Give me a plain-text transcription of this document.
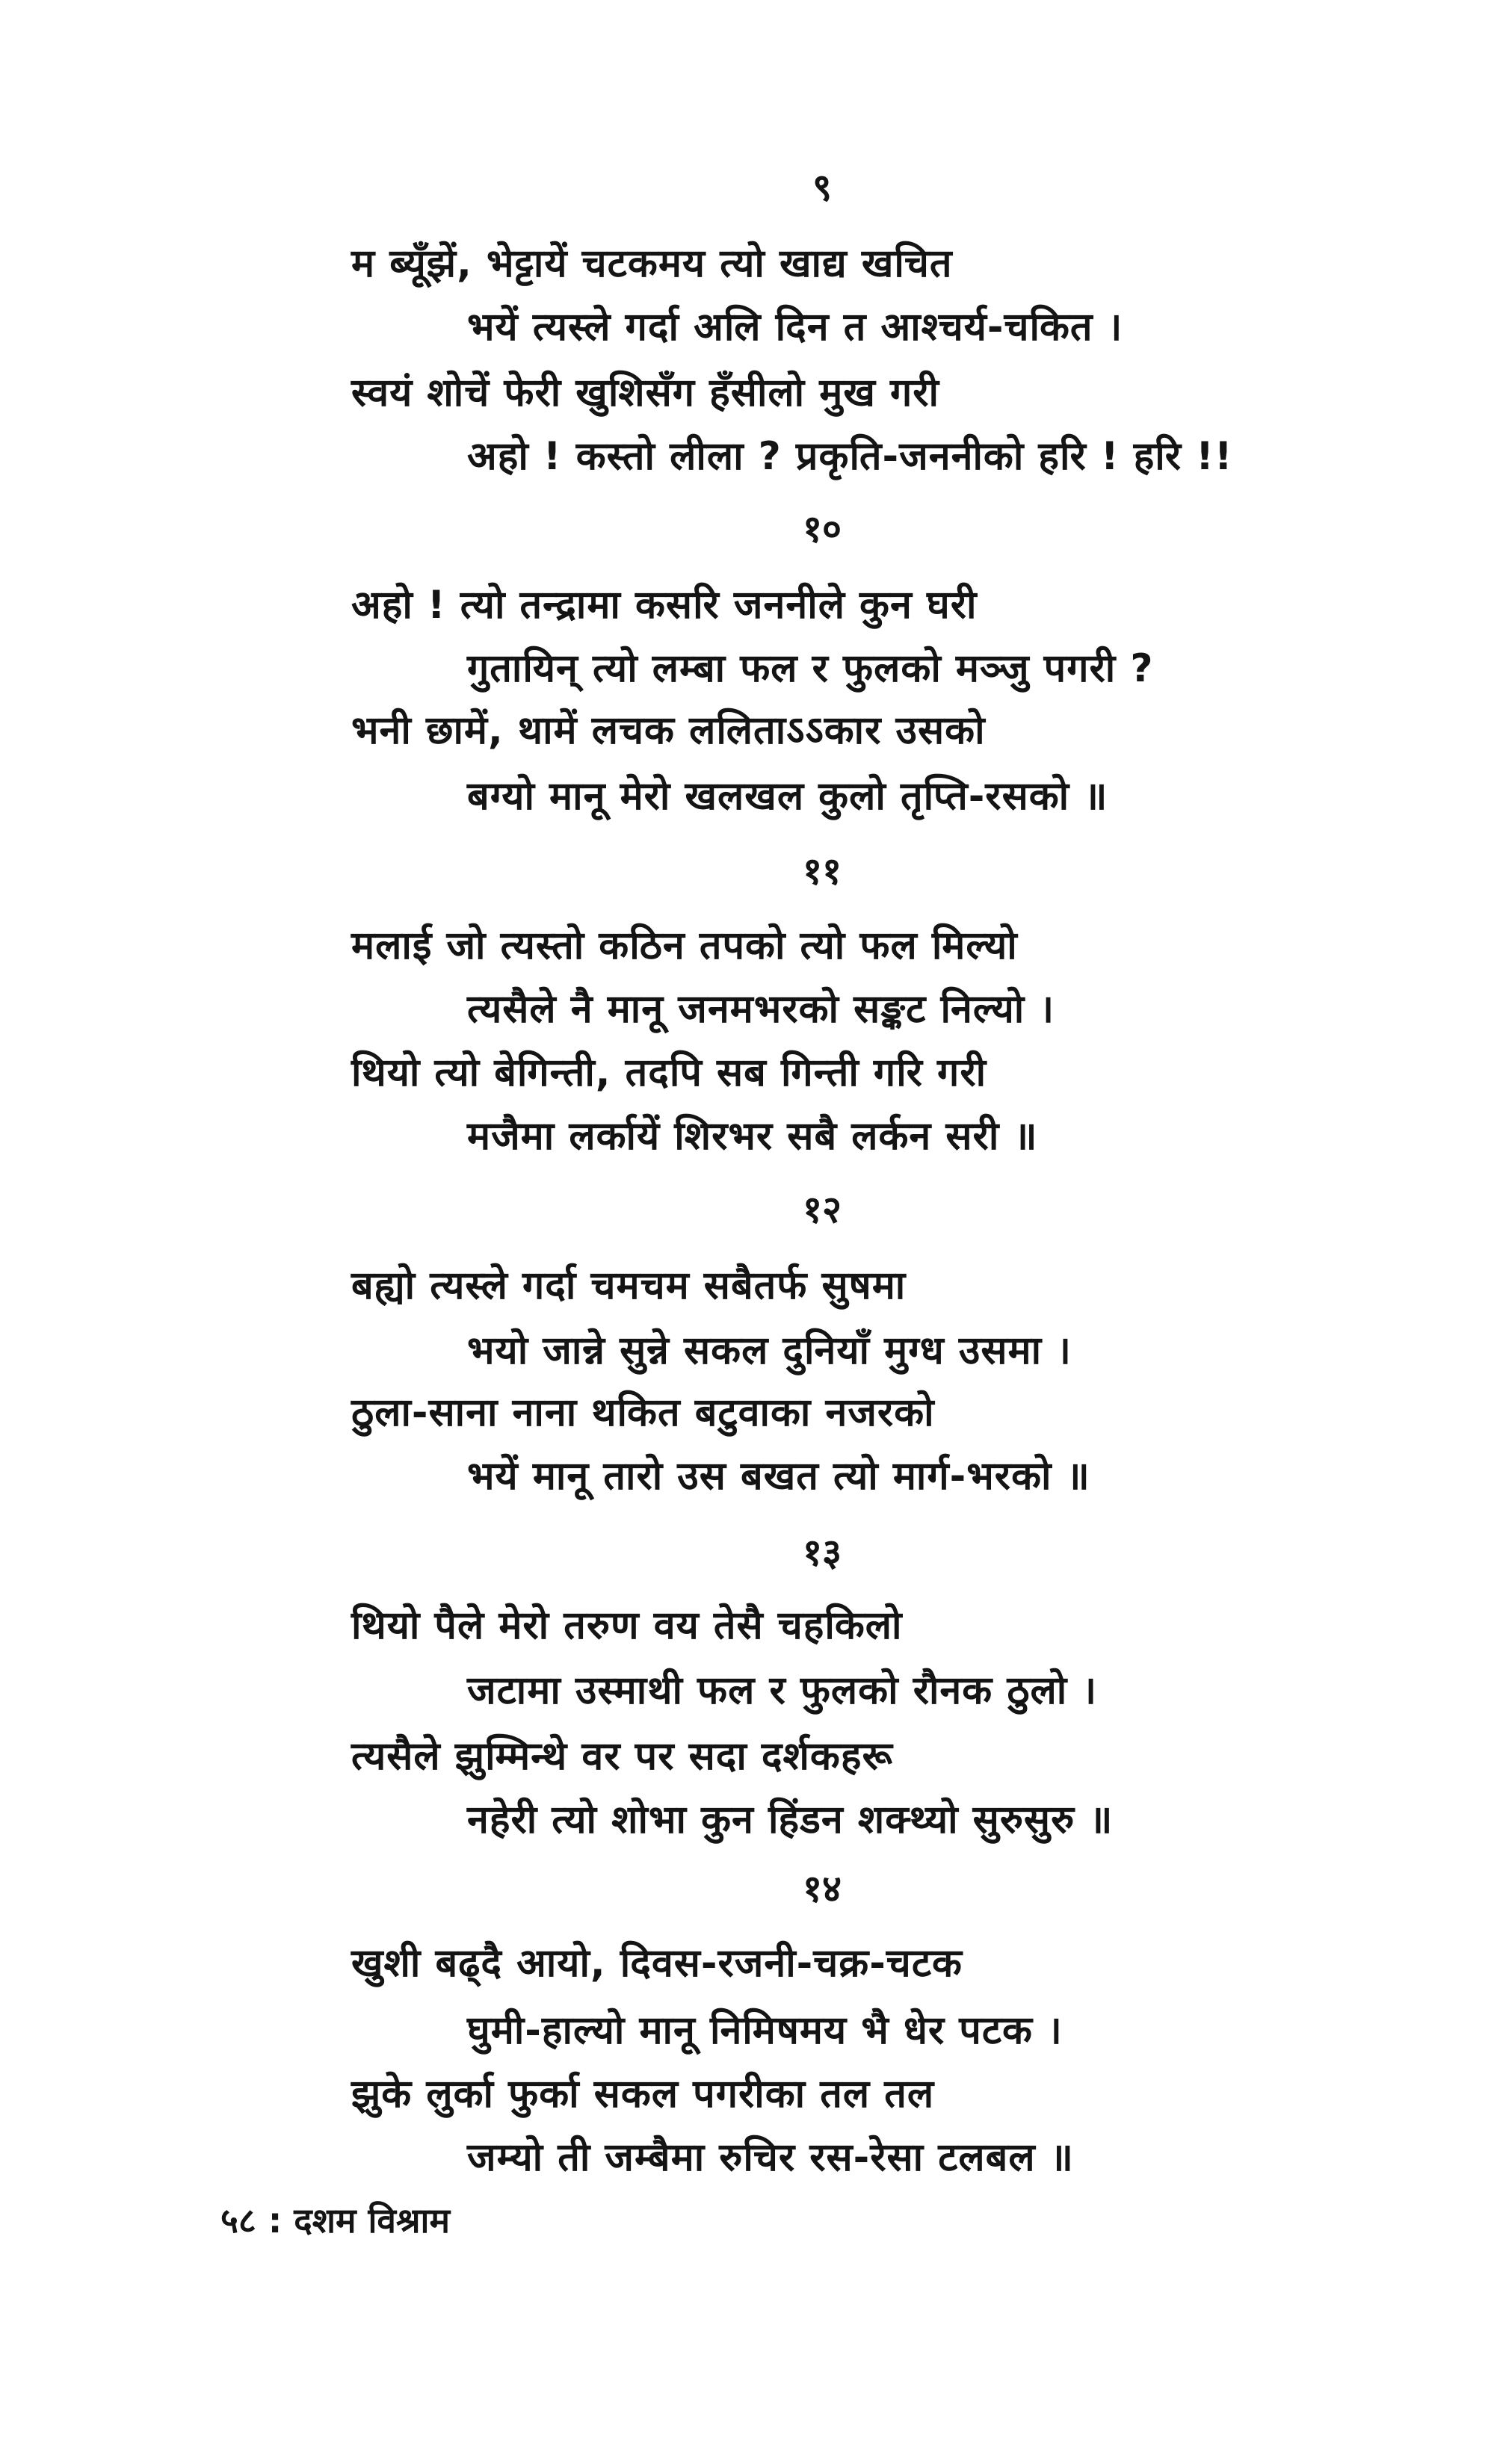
९
म ब्यूँझें, भेट्टायें चटकमय त्यो खाद्य खचित
भयें त्यस्ले गर्दा अलि दिन त आश्चर्य-चकित ।
स्वयं शोचें फेरी खुशिसँग हँसीलो मुख गरी
अहो ! कस्तो लीला ? प्रकृति-जननीको हरि ! हरि !!
१०
अहो ! त्यो तन्द्रामा कसरि जननीले कुन घरी
गुतायिन् त्यो लम्बा फल र फुलको मञ्जु पगरी ?
भनी छामें, थामें लचक ललिताऽऽकार उसको
बग्यो मानू मेरो खलखल कुलो तृप्ति-रसको ॥
११
मलाई जो त्यस्तो कठिन तपको त्यो फल मिल्यो
त्यसैले नै मानू जनमभरको सङ्कट निल्यो ।
थियो त्यो बेगिन्ती, तदपि सब गिन्ती गरि गरी
मजैमा लर्कायें शिरभर सबै लर्कन सरी ॥
१२
बह्यो त्यस्ले गर्दा चमचम सबैतर्फ सुषमा
भयो जान्ने सुन्ने सकल दुनियाँ मुग्ध उसमा ।
ठुला-साना नाना थकित बटुवाका नजरको
भयें मानू तारो उस बखत त्यो मार्ग-भरको ॥
१३
थियो पैले मेरो तरुण वय तेसै चहकिलो
जटामा उस्माथी फल र फुलको रौनक ठुलो ।
त्यसैले झुम्मिन्थे वर पर सदा दर्शकहरू
नहेरी त्यो शोभा कुन हिंडन शक्थ्यो सुरुसुरु ॥
१४
खुशी बढ्दै आयो, दिवस-रजनी-चक्र-चटक
घुमी-हाल्यो मानू निमिषमय भै धेर पटक ।
झुके लुर्का फुर्का सकल पगरीका तल तल
जम्यो ती जम्बैमा रुचिर रस-रेसा टलबल ॥
५८ : दशम विश्राम
